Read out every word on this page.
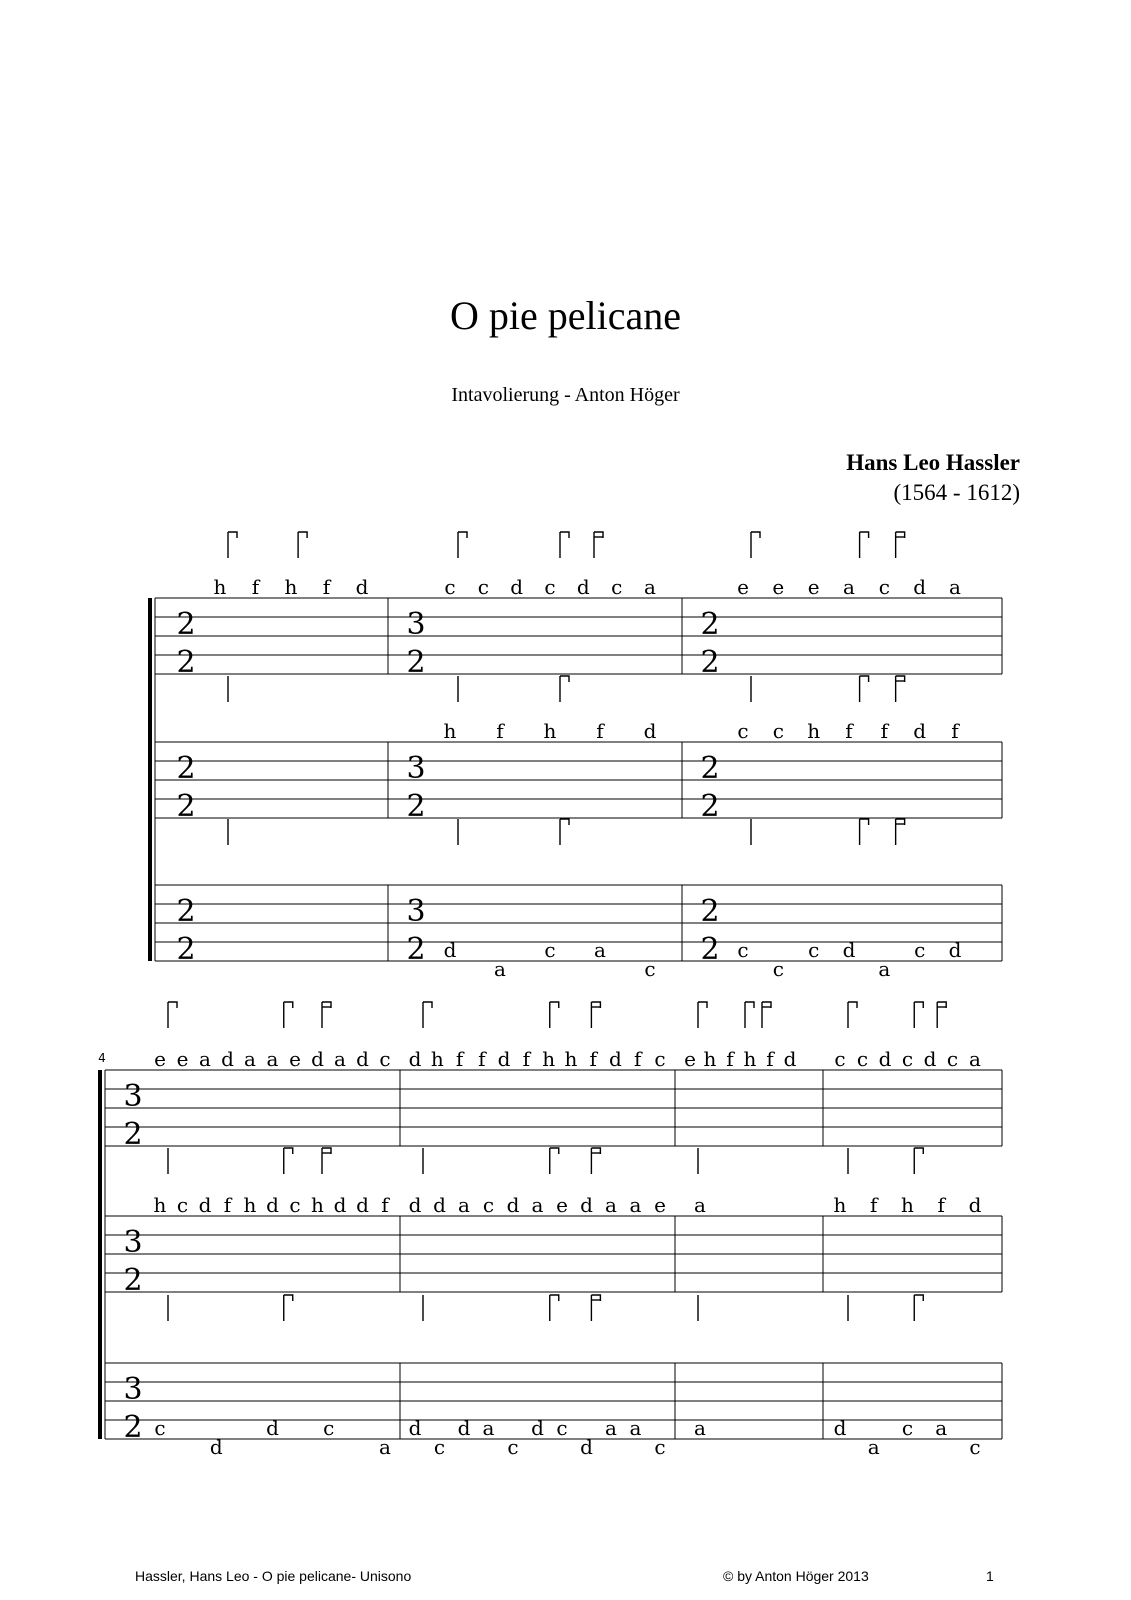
O pie pelicane
Intavolierung - Anton Höger
Hans Leo Hassler
(1564 - 1612)
2
2
3
2
2
2
h f h f d	c c d c d c a	e e e a c d a
2
2
3
2
2
2
h f h f d	c c h f f d f
2
2
3
2
2
2
d
a
c a
c
c
c
c d
a
c d
4
3
2
e e a d a a e d a d c d h f f d f h h f d f c e h f h f d c c d c d c a
3
2
h c d f h d c h d d f d d a c d a e d a a e a	h f h f d
3
2 c
d
d c
a
d
c
d a
c
d c
d
a a
c
a	d
a
c a
c
Hassler, Hans Leo - O pie pelicane- Unisono	© by Anton Höger 2013	1
